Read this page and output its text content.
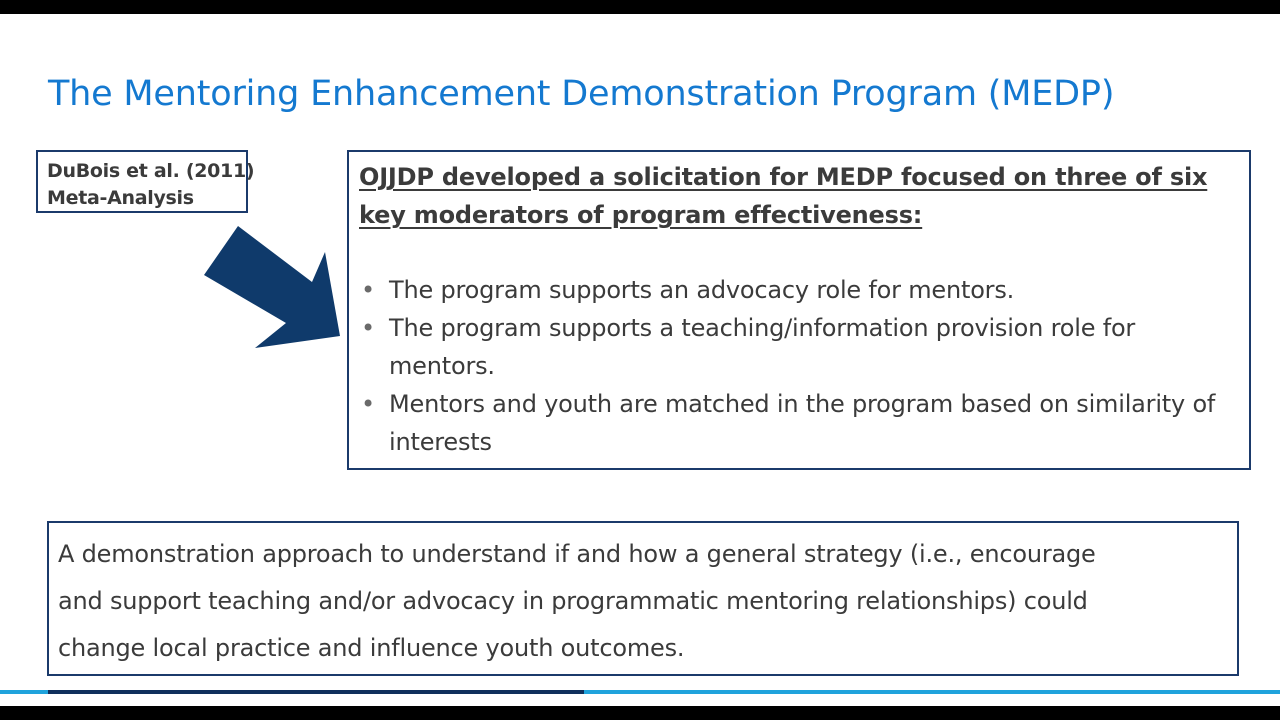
The Mentoring Enhancement Demonstration Program (MEDP)
DuBois et al. (2011)
Meta-Analysis
OJJDP developed a solicitation for MEDP focused on three of six key moderators of program effectiveness:
• The program supports an advocacy role for mentors.
• The program supports a teaching/information provision role for mentors.
• Mentors and youth are matched in the program based on similarity of interests
A demonstration approach to understand if and how a general strategy (i.e., encourage
and support teaching and/or advocacy in programmatic mentoring relationships) could
change local practice and influence youth outcomes.
